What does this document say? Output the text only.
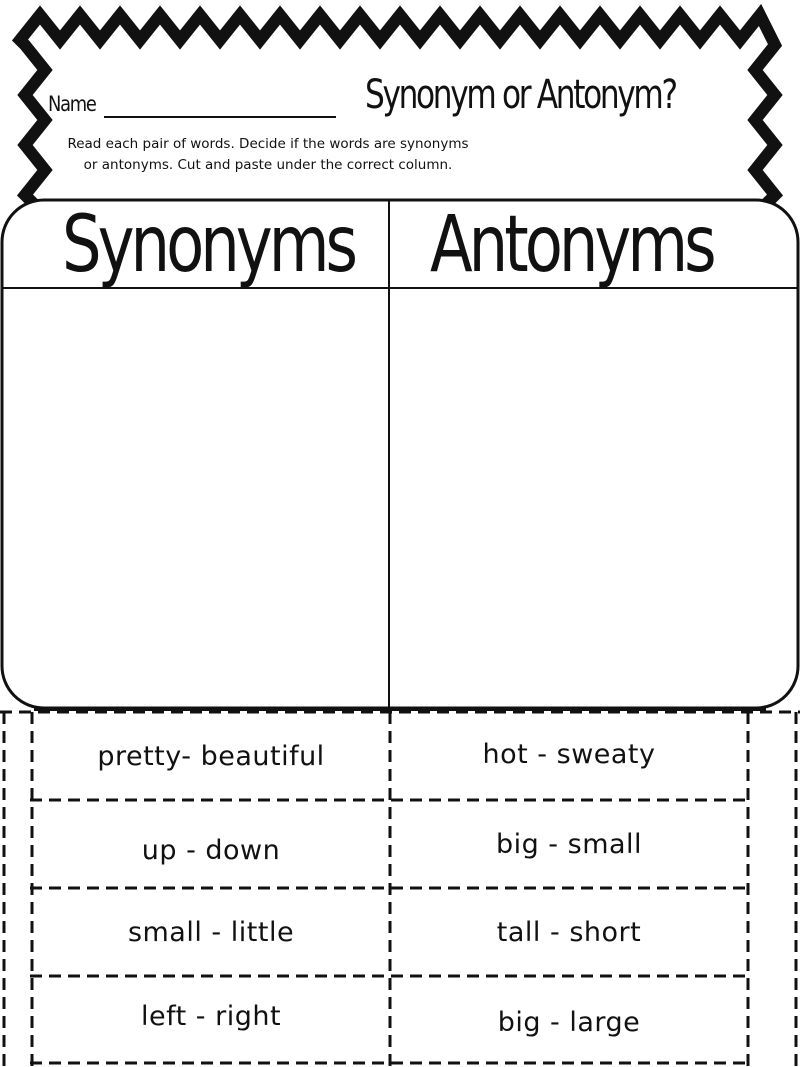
Name	Synonym or Antonym?
Read each pair of words. Decide if the words are synonyms or antonyms. Cut and paste under the correct column.
Synonyms Antonyms
pretty- beautiful	hot - sweaty
up - down	big - small
small - little	tall - short
left - right	big - large
